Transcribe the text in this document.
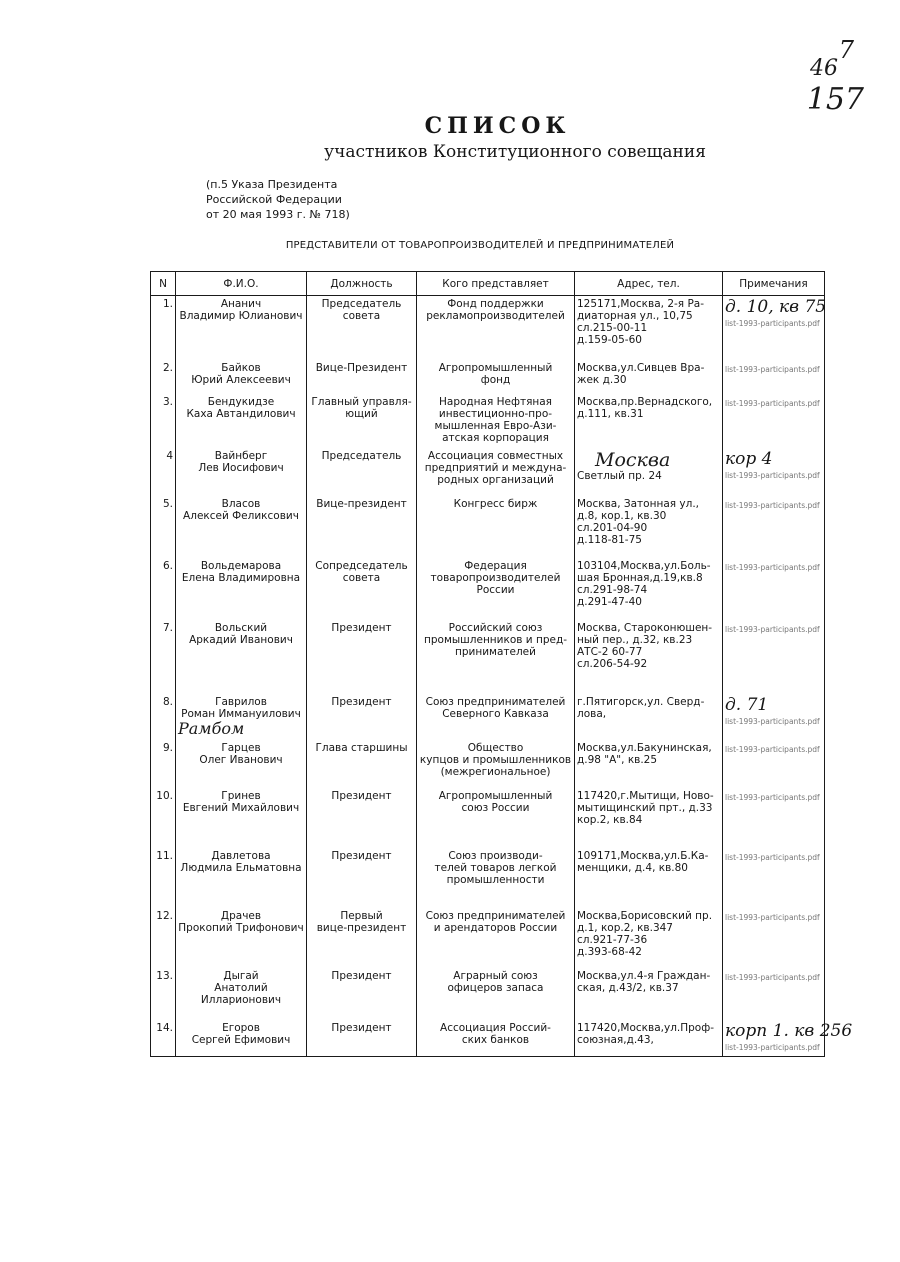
7
46
157
СПИСОК
участников Конституционного совещания
(п.5 Указа Президента
Российской Федерации
от 20 мая 1993 г. № 718)
ПРЕДСТАВИТЕЛИ ОТ ТОВАРОПРОИЗВОДИТЕЛЕЙ И ПРЕДПРИНИМАТЕЛЕЙ
N	Ф.И.О.	Должность	Кого представляет	Адрес, тел.	Примечания
1.	Ананич
Владимир Юлианович	Председатель
совета	Фонд поддержки
рекламопроизводителей	125171,Москва, 2-я Ра-
диаторная ул., 10,75
сл.215-00-11
д.159-05-60	д. 10, кв 75
list-1993-participants.pdf

2.	Байков
Юрий Алексеевич	Вице-Президент	Агропромышленный
фонд	Москва,ул.Сивцев Вра-
жек д.30	list-1993-participants.pdf

3.	Бендукидзе
Каха Автандилович	Главный управля-
ющий	Народная Нефтяная
инвестиционно-про-
мышленная Евро-Ази-
атская корпорация	Москва,пр.Вернадского,
д.111, кв.31	list-1993-participants.pdf

4	Вайнберг
Лев Иосифович	Председатель	Ассоциация совместных
предприятий и междуна-
родных организаций	Москва
Светлый пр. 24	кор 4
list-1993-participants.pdf

5.	Власов
Алексей Феликсович	Вице-президент	Конгресс бирж	Москва, Затонная ул.,
д.8, кор.1, кв.30
сл.201-04-90
д.118-81-75	list-1993-participants.pdf

6.	Вольдемарова
Елена Владимировна	Сопредседатель
совета	Федерация
товаропроизводителей
России	103104,Москва,ул.Боль-
шая Бронная,д.19,кв.8
сл.291-98-74
д.291-47-40	list-1993-participants.pdf

7.	Вольский
Аркадий Иванович	Президент	Российский союз
промышленников и пред-
принимателей	Москва, Староконюшен-
ный пер., д.32, кв.23
АТС-2 60-77
сл.206-54-92	list-1993-participants.pdf

8.	Гаврилов
Роман Иммануилович
Рамбом	Президент	Союз предпринимателей
Северного Кавказа	г.Пятигорск,ул. Сверд-
лова,	д. 71
list-1993-participants.pdf

9.	Гарцев
Олег Иванович	Глава старшины	Общество
купцов и промышленников
(межрегиональное)	Москва,ул.Бакунинская,
д.98 "А", кв.25	list-1993-participants.pdf

10.	Гринев
Евгений Михайлович	Президент	Агропромышленный
союз России	117420,г.Мытищи, Ново-
мытищинский прт., д.33
кор.2, кв.84	list-1993-participants.pdf

11.	Давлетова
Людмила Ельматовна	Президент	Союз производи-
телей товаров легкой
промышленности	109171,Москва,ул.Б.Ка-
менщики, д.4, кв.80	list-1993-participants.pdf

12.	Драчев
Прокопий Трифонович	Первый
вице-президент	Союз предпринимателей
и арендаторов России	Москва,Борисовский пр.
д.1, кор.2, кв.347
сл.921-77-36
д.393-68-42	list-1993-participants.pdf

13.	Дыгай
Анатолий
Илларионович	Президент	Аграрный союз
офицеров запаса	Москва,ул.4-я Граждан-
ская, д.43/2, кв.37	list-1993-participants.pdf

14.	Егоров
Сергей Ефимович	Президент	Ассоциация Россий-
ских банков	117420,Москва,ул.Проф-
союзная,д.43,	корп 1. кв 256
list-1993-participants.pdf
